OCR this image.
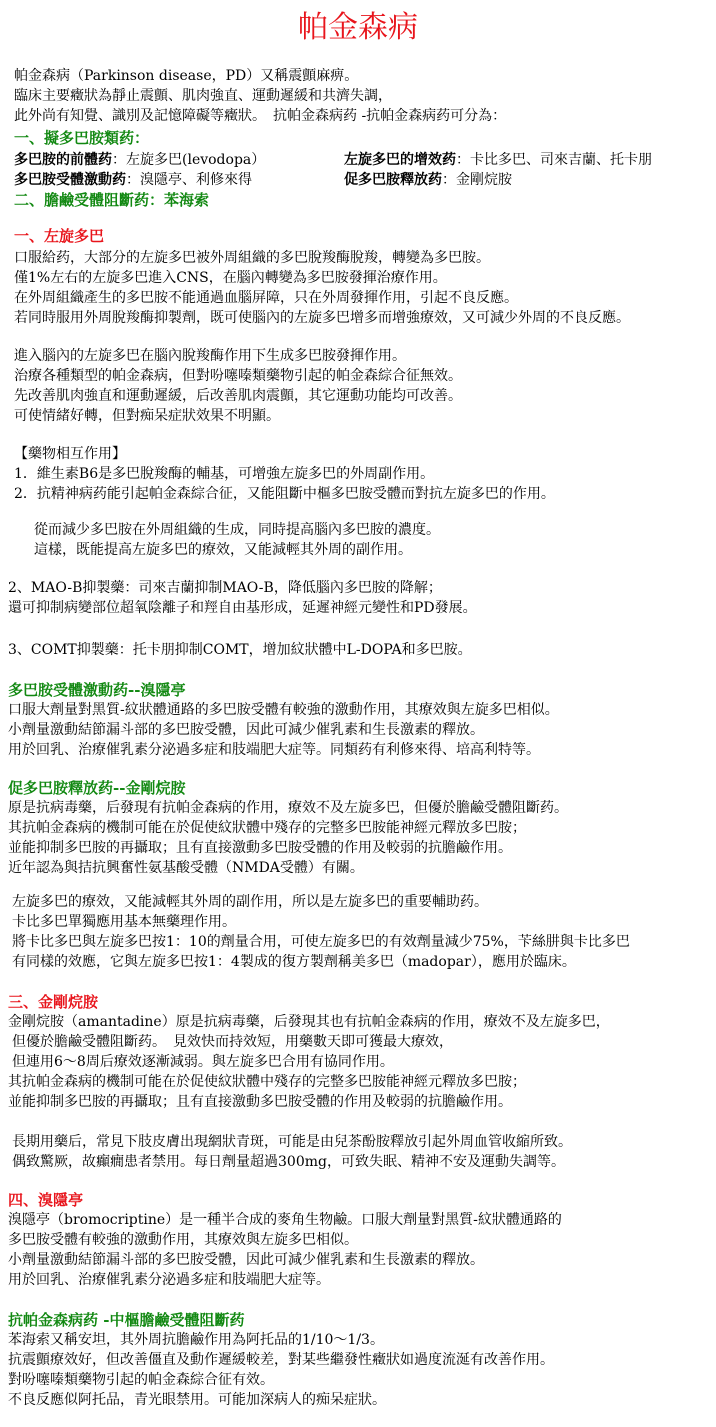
帕金森病
帕金森病（Parkinson disease，PD）又稱震顫麻痹。
臨床主要癥狀為靜止震顫、肌肉強直、運動遲緩和共濟失調，
此外尚有知覺、識別及記憶障礙等癥狀。　抗帕金森病药 -抗帕金森病药可分為：
一、擬多巴胺類药：
多巴胺的前體药：左旋多巴(levodopa）	左旋多巴的增效药：卡比多巴、司來吉蘭、托卡朋
多巴胺受體激動药：溴隱亭、利修來得	促多巴胺釋放药：金剛烷胺
二、膽鹼受體阻斷药：苯海索
一、左旋多巴
口服給药，大部分的左旋多巴被外周組織的多巴脫羧酶脫羧，轉變為多巴胺。
僅1%左右的左旋多巴進入CNS，在腦內轉變為多巴胺發揮治療作用。
在外周組織產生的多巴胺不能通過血腦屏障，只在外周發揮作用，引起不良反應。
若同時服用外周脫羧酶抑製劑，既可使腦內的左旋多巴增多而增強療效，又可減少外周的不良反應。
進入腦內的左旋多巴在腦內脫羧酶作用下生成多巴胺發揮作用。
治療各種類型的帕金森病，但對吩噻嗪類藥物引起的帕金森綜合征無效。
先改善肌肉強直和運動遲緩，后改善肌肉震顫，其它運動功能均可改善。
可使情緒好轉，但對痴呆症狀效果不明顯。
【藥物相互作用】
1．維生素B6是多巴脫羧酶的輔基，可增強左旋多巴的外周副作用。
2．抗精神病药能引起帕金森綜合征，又能阻斷中樞多巴胺受體而對抗左旋多巴的作用。
從而減少多巴胺在外周組織的生成，同時提高腦內多巴胺的濃度。
這樣，既能提高左旋多巴的療效，又能減輕其外周的副作用。
2、MAO-B抑製藥：司來吉蘭抑制MAO-B，降低腦內多巴胺的降解；
還可抑制病變部位超氧陰離子和羥自由基形成，延遲神經元變性和PD發展。
3、COMT抑製藥：托卡朋抑制COMT，增加紋狀體中L-DOPA和多巴胺。
多巴胺受體激動药--溴隱亭
口服大劑量對黑質-紋狀體通路的多巴胺受體有較強的激動作用，其療效與左旋多巴相似。
小劑量激動結節漏斗部的多巴胺受體，因此可減少催乳素和生長激素的釋放。
用於回乳、治療催乳素分泌過多症和肢端肥大症等。同類药有利修來得、培高利特等。
促多巴胺釋放药--金剛烷胺
原是抗病毒藥，后發現有抗帕金森病的作用，療效不及左旋多巴，但優於膽鹼受體阻斷药。
其抗帕金森病的機制可能在於促使紋狀體中殘存的完整多巴胺能神經元釋放多巴胺；
並能抑制多巴胺的再攝取；且有直接激動多巴胺受體的作用及較弱的抗膽鹼作用。
近年認為與拮抗興奮性氨基酸受體（NMDA受體）有關。
左旋多巴的療效，又能減輕其外周的副作用，所以是左旋多巴的重要輔助药。
卡比多巴單獨應用基本無藥理作用。
將卡比多巴與左旋多巴按1：10的劑量合用，可使左旋多巴的有效劑量減少75%，苄絲肼與卡比多巴
有同樣的效應，它與左旋多巴按1：4製成的復方製劑稱美多巴（madopar），應用於臨床。
三、金剛烷胺
金剛烷胺（amantadine）原是抗病毒藥，后發現其也有抗帕金森病的作用，療效不及左旋多巴，
但優於膽鹼受體阻斷药。　見效快而持效短，用藥數天即可獲最大療效，
但連用6～8周后療效逐漸減弱。與左旋多巴合用有協同作用。
其抗帕金森病的機制可能在於促使紋狀體中殘存的完整多巴胺能神經元釋放多巴胺；
並能抑制多巴胺的再攝取；且有直接激動多巴胺受體的作用及較弱的抗膽鹼作用。
長期用藥后，常見下肢皮膚出現網狀青斑，可能是由兒茶酚胺釋放引起外周血管收縮所致。
偶致驚厥，故癲癇患者禁用。每日劑量超過300mg，可致失眠、精神不安及運動失調等。
四、溴隱亭
溴隱亭（bromocriptine）是一種半合成的麥角生物鹼。口服大劑量對黑質-紋狀體通路的
多巴胺受體有較強的激動作用，其療效與左旋多巴相似。
小劑量激動結節漏斗部的多巴胺受體，因此可減少催乳素和生長激素的釋放。
用於回乳、治療催乳素分泌過多症和肢端肥大症等。
抗帕金森病药 -中樞膽鹼受體阻斷药
苯海索又稱安坦，其外周抗膽鹼作用為阿托品的1/10～1/3。
抗震顫療效好，但改善僵直及動作遲緩較差，對某些繼發性癥狀如過度流涎有改善作用。
對吩噻嗪類藥物引起的帕金森綜合征有效。
不良反應似阿托品，青光眼禁用。可能加深病人的痴呆症狀。
